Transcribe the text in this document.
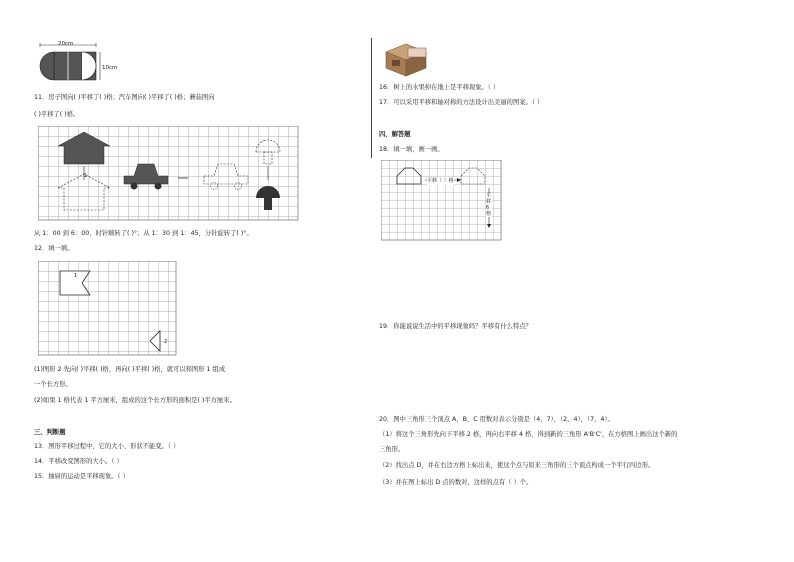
20cm
10cm
11．房子图向( )平移了( )格；汽车图向( )平移了( )格；蘑菇图向
( )平移了( )格。
1
从 1：00 到 6：00，时针顺转了( )°；从 1：30 到 1：45，分针旋转了( )°。
12．填一填。
1
2
(1)图形 2 先向( )平移( )格，再向( )平移( )格，就可以和图形 1 组成
一个长方形。
(2)如果 1 格代表 1 平方厘米，组成的这个长方形的面积是( )平方厘米。
三、判断题
13．图形平移过程中，它的大小、形状不能变。（ ）
14．平移改变图形的大小。（ ）
15．抽屉的运动是平移现象。（ ）
16．树上的水果掉在地上是平移现象。（ ）
17．可以采用平移和轴对称的方法设计出美丽的图案。（ ）
四、解答题
18．填一填，画一画。
平移（ ）格
平移6格
19．你能说说生活中的平移现象吗？平移有什么特点？
20．图中三角形三个顶点 A、B、C 用数对表示分别是（4，7），（2，4），（7，4）。
（1）将这个三角形先向下平移 2 格，再向右平移 4 格，得到新的三角形 A'B'C'，在方格图上画出这个新的
三角形。
（2）找出点 D，并在右边方格上标出来，使这个点与原来三角形的三个顶点构成一个平行四边形。
（3）并在图上标出 D 点的数对，这样的点有（ ）个。
